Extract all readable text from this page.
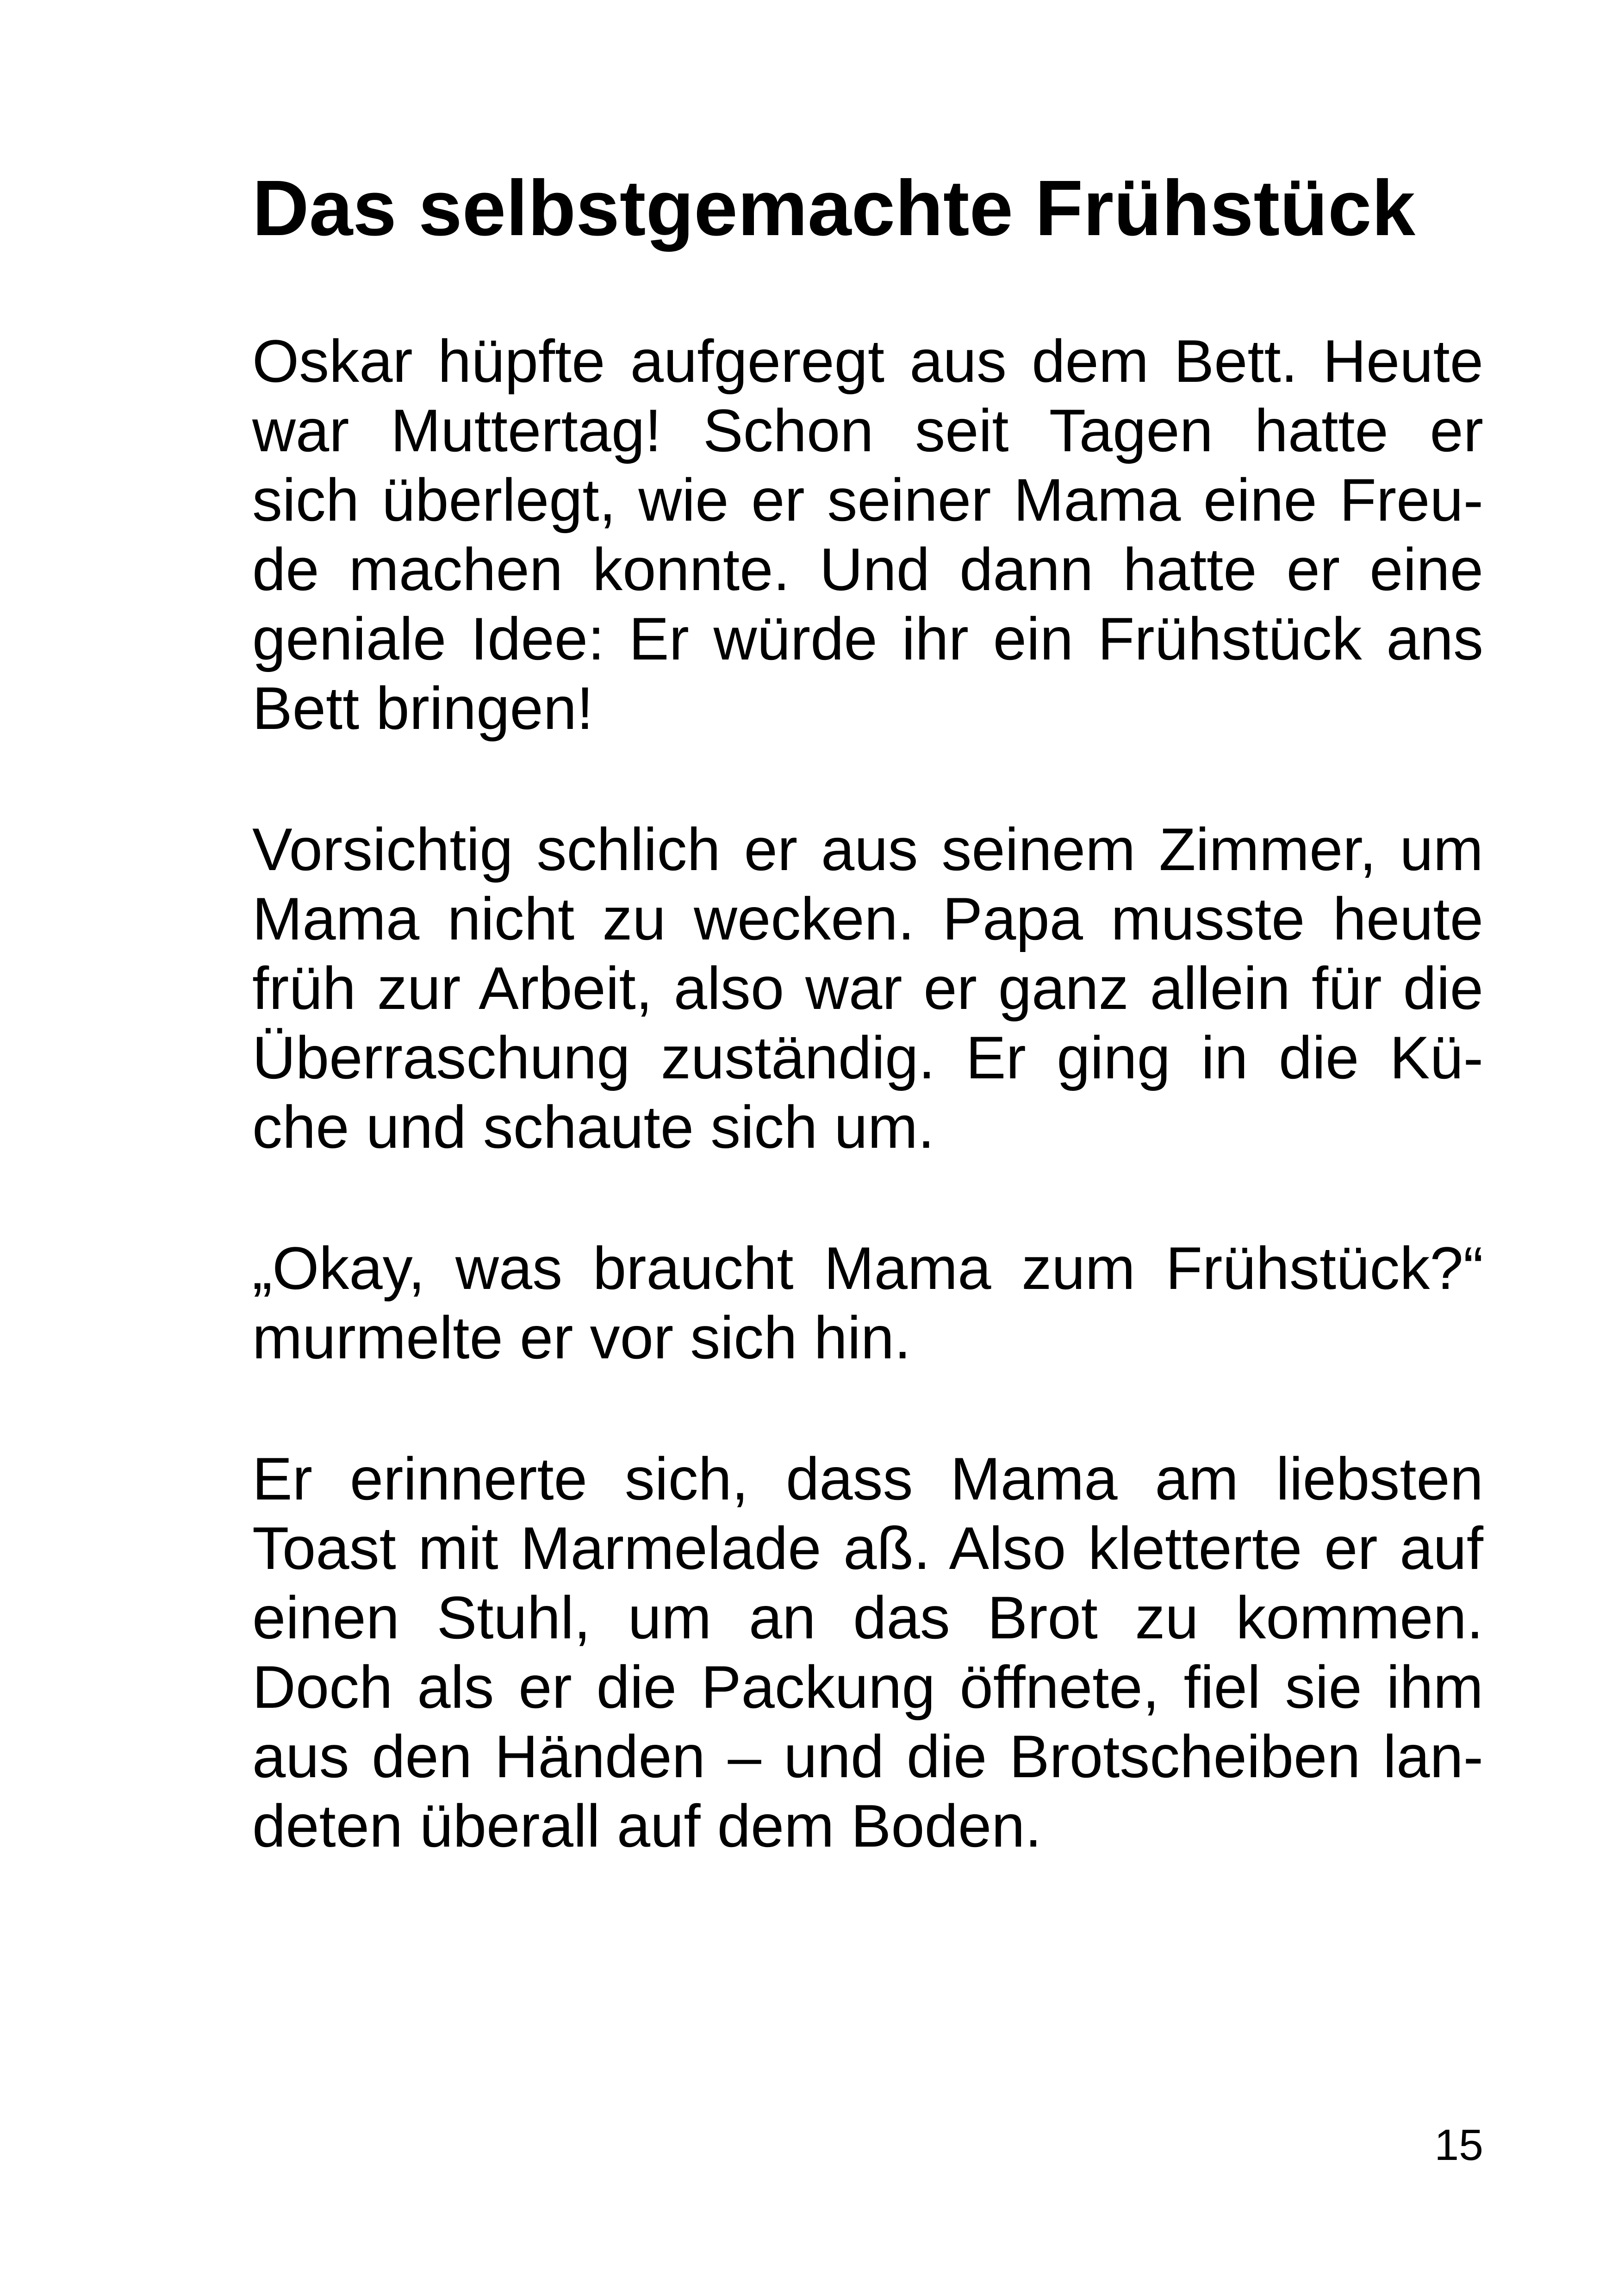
Das selbstgemachte Frühstück
Oskar hüpfte aufgeregt aus dem Bett. Heute
war Muttertag! Schon seit Tagen hatte er
sich überlegt, wie er seiner Mama eine Freu-
de machen konnte. Und dann hatte er eine
geniale Idee: Er würde ihr ein Frühstück ans
Bett bringen!
Vorsichtig schlich er aus seinem Zimmer, um
Mama nicht zu wecken. Papa musste heute
früh zur Arbeit, also war er ganz allein für die
Überraschung zuständig. Er ging in die Kü-
che und schaute sich um.
„Okay, was braucht Mama zum Frühstück?“
murmelte er vor sich hin.
Er erinnerte sich, dass Mama am liebsten
Toast mit Marmelade aß. Also kletterte er auf
einen Stuhl, um an das Brot zu kommen.
Doch als er die Packung öffnete, fiel sie ihm
aus den Händen – und die Brotscheiben lan-
deten überall auf dem Boden.
15
